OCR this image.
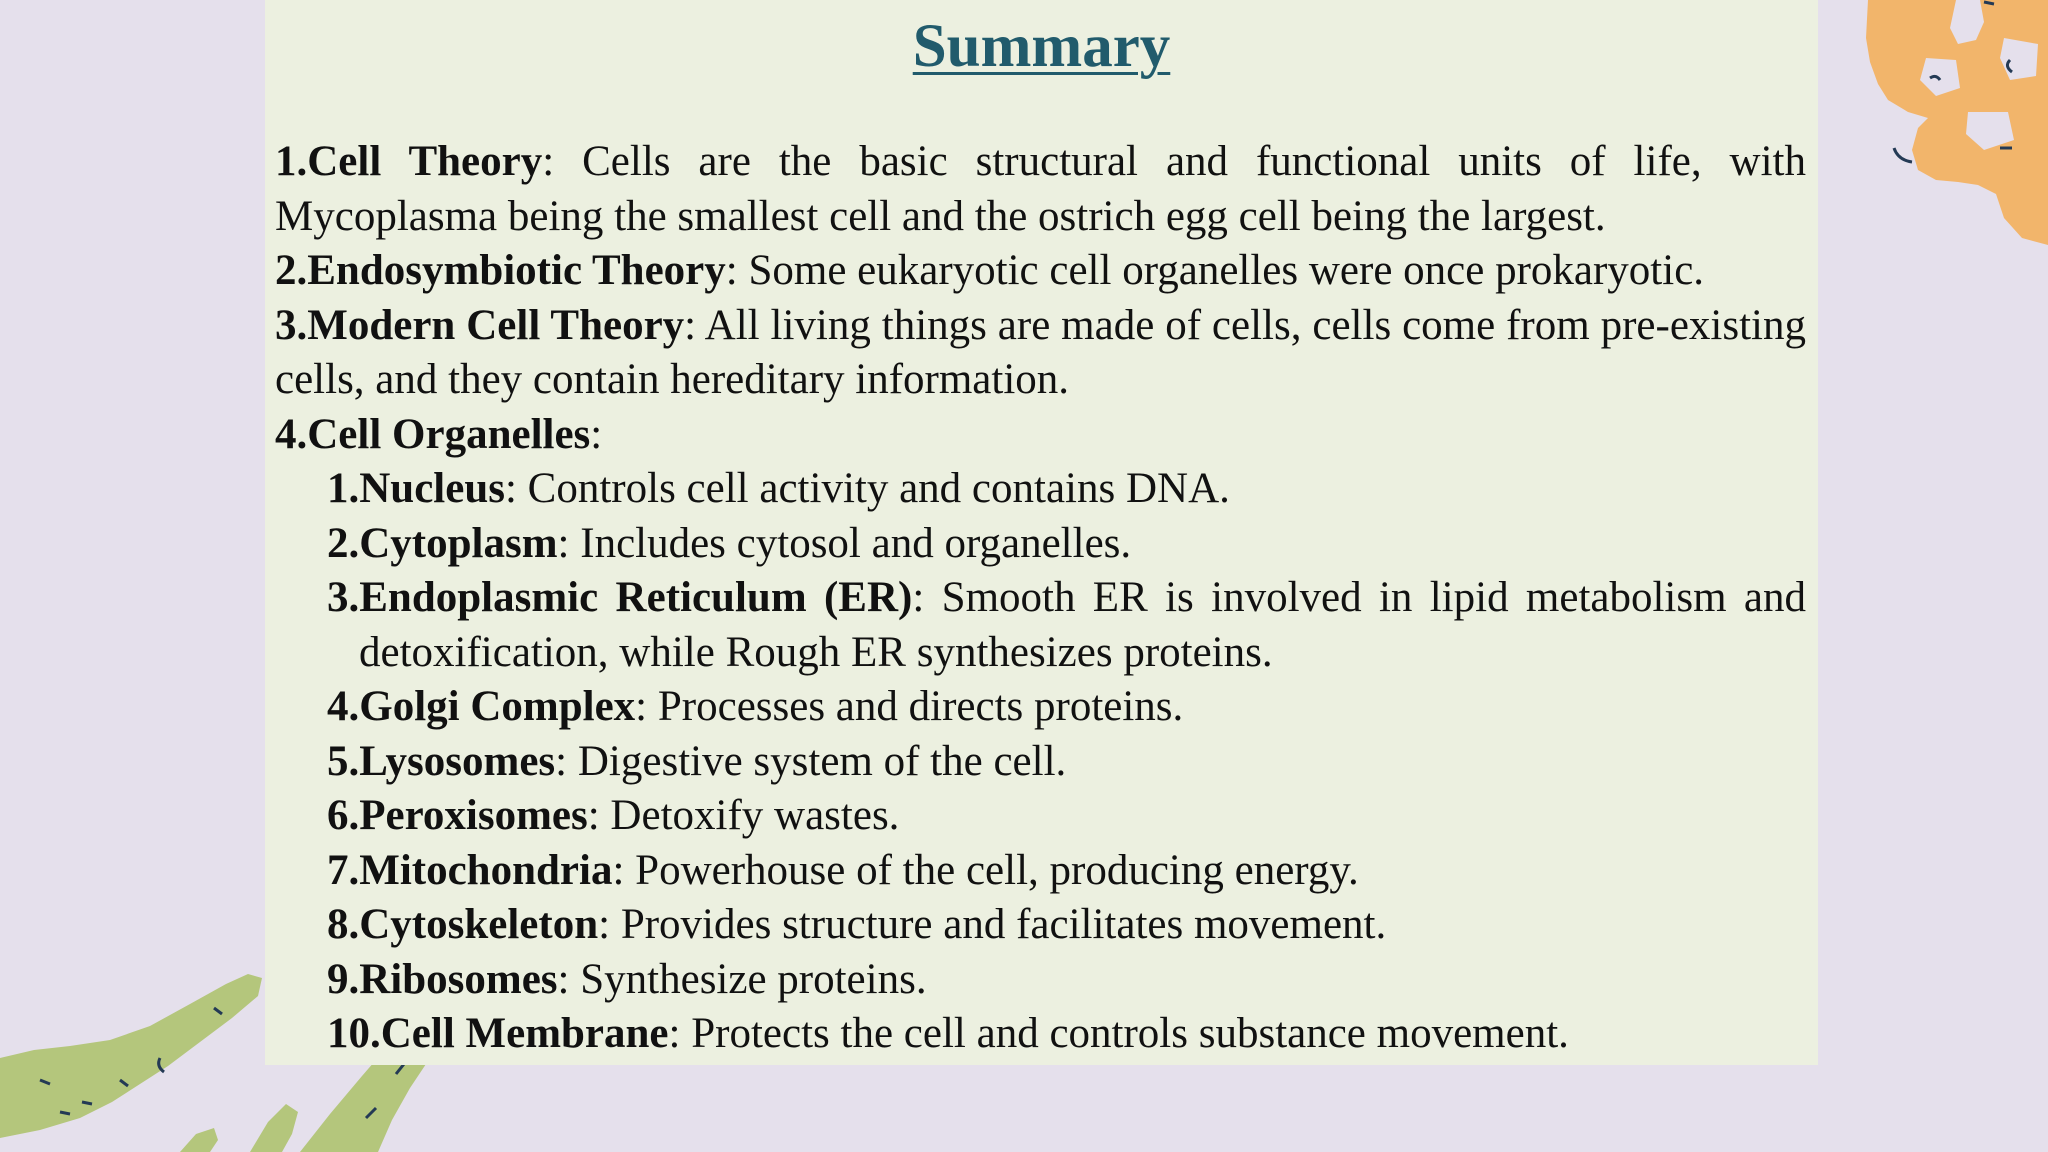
Summary
1.Cell Theory: Cells are the basic structural and functional units of life, with Mycoplasma being the smallest cell and the ostrich egg cell being the largest.
2.Endosymbiotic Theory: Some eukaryotic cell organelles were once prokaryotic.
3.Modern Cell Theory: All living things are made of cells, cells come from pre-existing cells, and they contain hereditary information.
4.Cell Organelles:
1.Nucleus: Controls cell activity and contains DNA.
2.Cytoplasm: Includes cytosol and organelles.
3.Endoplasmic Reticulum (ER): Smooth ER is involved in lipid metabolism and detoxification, while Rough ER synthesizes proteins.
4.Golgi Complex: Processes and directs proteins.
5.Lysosomes: Digestive system of the cell.
6.Peroxisomes: Detoxify wastes.
7.Mitochondria: Powerhouse of the cell, producing energy.
8.Cytoskeleton: Provides structure and facilitates movement.
9.Ribosomes: Synthesize proteins.
10.Cell Membrane: Protects the cell and controls substance movement.
